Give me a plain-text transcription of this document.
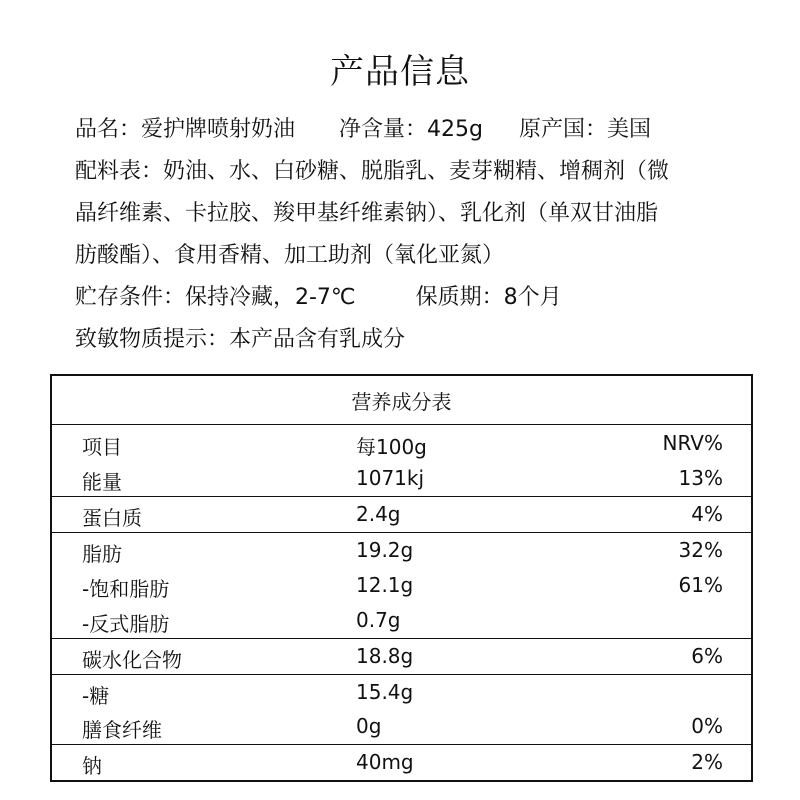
产品信息
品名：爱护牌喷射奶油 净含量：425g 原产国：美国
配料表：奶油、水、白砂糖、脱脂乳、麦芽糊精、增稠剂（微
晶纤维素、卡拉胶、羧甲基纤维素钠）、乳化剂（单双甘油脂
肪酸酯）、食用香精、加工助剂（氧化亚氮）
贮存条件：保持冷藏，2-7℃	保质期：8个月
致敏物质提示：本产品含有乳成分
营养成分表
项目	每100g	NRV%
能量	1071kj	13%
蛋白质	2.4g	4%
脂肪	19.2g	32%
-饱和脂肪	12.1g	61%
-反式脂肪	0.7g
碳水化合物	18.8g	6%
-糖	15.4g
膳食纤维	0g	0%
钠	40mg	2%
